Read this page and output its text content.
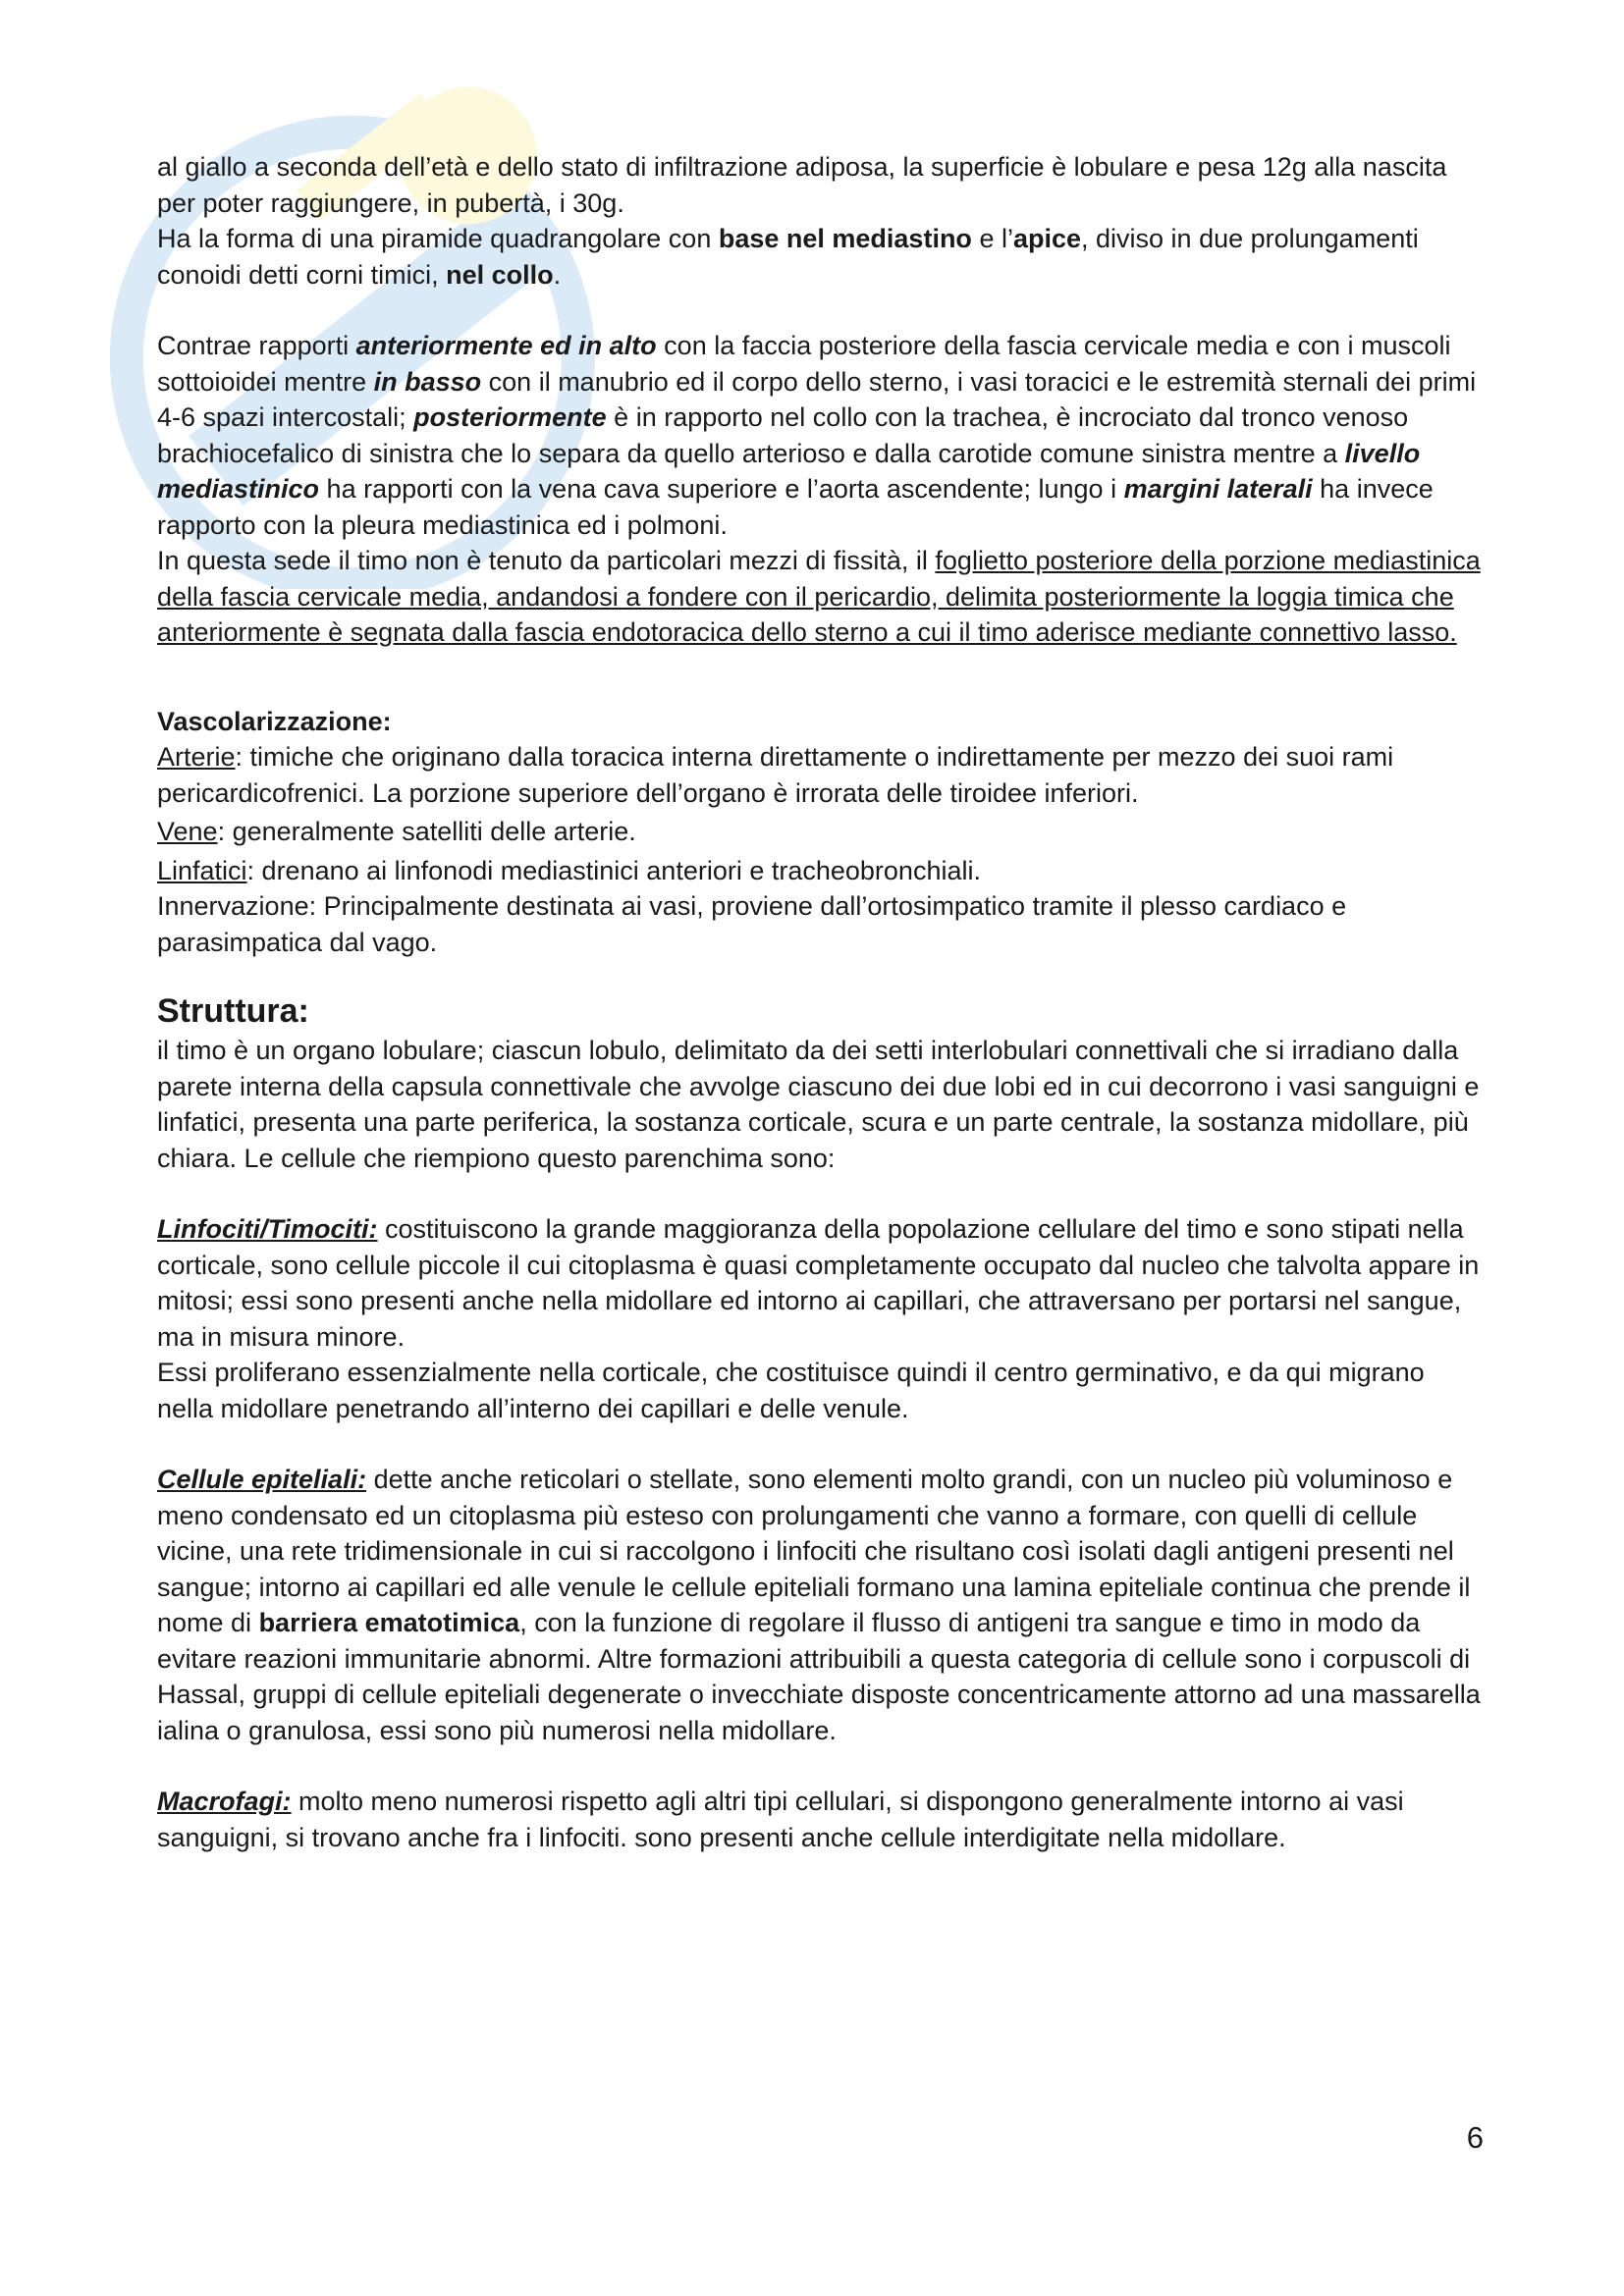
al giallo a seconda dell’età e dello stato di infiltrazione adiposa, la superficie è lobulare e pesa 12g alla nascita per poter raggiungere, in pubertà, i 30g.
Ha la forma di una piramide quadrangolare con base nel mediastino e l’apice, diviso in due prolungamenti conoidi detti corni timici, nel collo.

Contrae rapporti anteriormente ed in alto con la faccia posteriore della fascia cervicale media e con i muscoli sottoioidei mentre in basso con il manubrio ed il corpo dello sterno, i vasi toracici e le estremità sternali dei primi 4-6 spazi intercostali; posteriormente è in rapporto nel collo con la trachea, è incrociato dal tronco venoso brachiocefalico di sinistra che lo separa da quello arterioso e dalla carotide comune sinistra mentre a livello mediastinico ha rapporti con la vena cava superiore e l’aorta ascendente; lungo i margini laterali ha invece rapporto con la pleura mediastinica ed i polmoni.
In questa sede il timo non è tenuto da particolari mezzi di fissità, il foglietto posteriore della porzione mediastinica della fascia cervicale media, andandosi a fondere con il pericardio, delimita posteriormente la loggia timica che anteriormente è segnata dalla fascia endotoracica dello sterno a cui il timo aderisce mediante connettivo lasso.

Vascolarizzazione:

Arterie: timiche che originano dalla toracica interna direttamente o indirettamente per mezzo dei suoi rami pericardicofrenici. La porzione superiore dell’organo è irrorata delle tiroidee inferiori.

Vene: generalmente satelliti delle arterie.

Linfatici: drenano ai linfonodi mediastinici anteriori e tracheobronchiali.

Innervazione: Principalmente destinata ai vasi, proviene dall’ortosimpatico tramite il plesso cardiaco e parasimpatica dal vago.

Struttura:

il timo è un organo lobulare; ciascun lobulo, delimitato da dei setti interlobulari connettivali che si irradiano dalla parete interna della capsula connettivale che avvolge ciascuno dei due lobi ed in cui decorrono i vasi sanguigni e linfatici, presenta una parte periferica, la sostanza corticale, scura e un parte centrale, la sostanza midollare, più chiara. Le cellule che riempiono questo parenchima sono:

Linfociti/Timociti: costituiscono la grande maggioranza della popolazione cellulare del timo e sono stipati nella corticale, sono cellule piccole il cui citoplasma è quasi completamente occupato dal nucleo che talvolta appare in mitosi; essi sono presenti anche nella midollare ed intorno ai capillari, che attraversano per portarsi nel sangue, ma in misura minore.
Essi proliferano essenzialmente nella corticale, che costituisce quindi il centro germinativo, e da qui migrano nella midollare penetrando all’interno dei capillari e delle venule.

Cellule epiteliali: dette anche reticolari o stellate, sono elementi molto grandi, con un nucleo più voluminoso e meno condensato ed un citoplasma più esteso con prolungamenti che vanno a formare, con quelli di cellule vicine, una rete tridimensionale in cui si raccolgono i linfociti che risultano così isolati dagli antigeni presenti nel sangue; intorno ai capillari ed alle venule le cellule epiteliali formano una lamina epiteliale continua che prende il nome di barriera ematotimica, con la funzione di regolare il flusso di antigeni tra sangue e timo in modo da evitare reazioni immunitarie abnormi. Altre formazioni attribuibili a questa categoria di cellule sono i corpuscoli di Hassal, gruppi di cellule epiteliali degenerate o invecchiate disposte concentricamente attorno ad una massarella ialina o granulosa, essi sono più numerosi nella midollare.

Macrofagi: molto meno numerosi rispetto agli altri tipi cellulari, si dispongono generalmente intorno ai vasi sanguigni, si trovano anche fra i linfociti. sono presenti anche cellule interdigitate nella midollare.

6
